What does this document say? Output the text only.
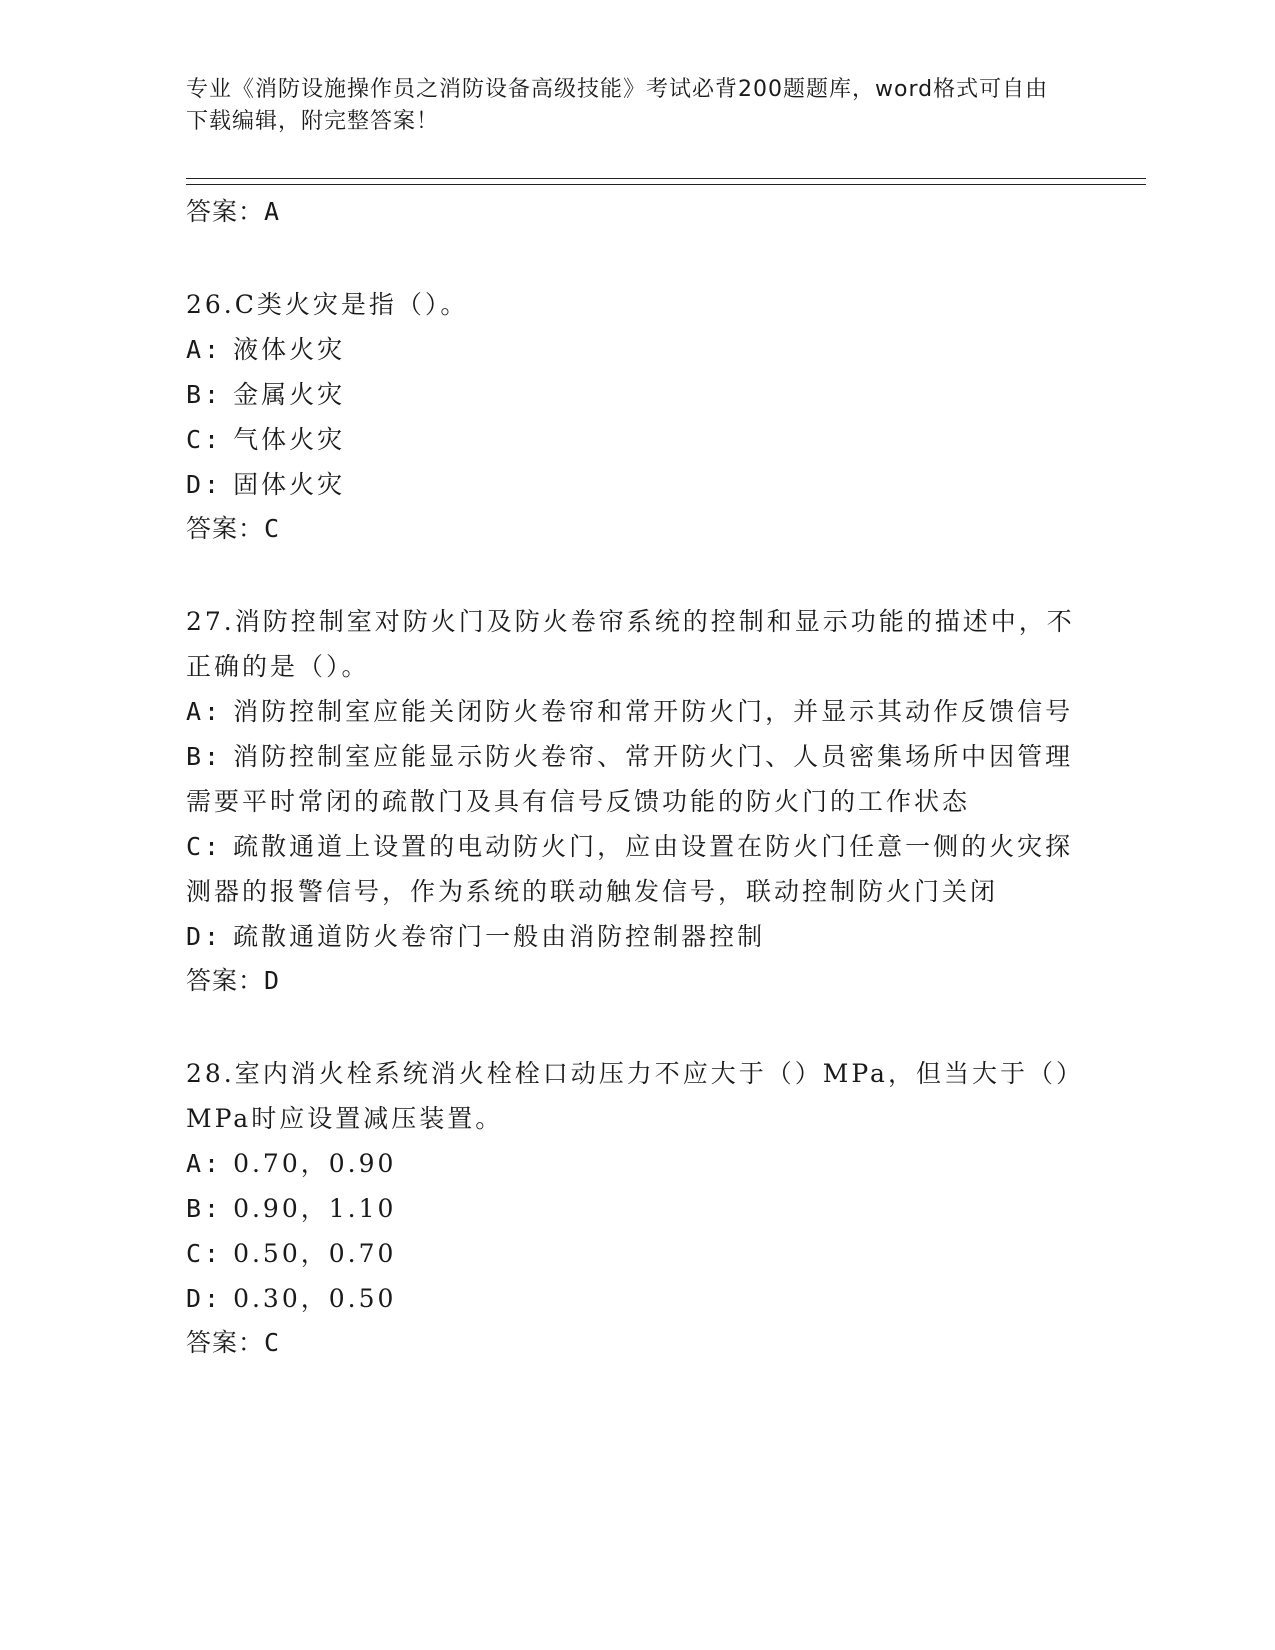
专业《消防设施操作员之消防设备高级技能》考试必背200题题库，word格式可自由下载编辑，附完整答案！
答案：A
26.C类火灾是指（）。
A: 液体火灾
B: 金属火灾
C: 气体火灾
D: 固体火灾
答案：C
27.消防控制室对防火门及防火卷帘系统的控制和显示功能的描述中，不正确的是（）。
A: 消防控制室应能关闭防火卷帘和常开防火门，并显示其动作反馈信号
B: 消防控制室应能显示防火卷帘、常开防火门、人员密集场所中因管理需要平时常闭的疏散门及具有信号反馈功能的防火门的工作状态
C: 疏散通道上设置的电动防火门，应由设置在防火门任意一侧的火灾探测器的报警信号，作为系统的联动触发信号，联动控制防火门关闭
D: 疏散通道防火卷帘门一般由消防控制器控制
答案：D
28.室内消火栓系统消火栓栓口动压力不应大于（）MPa，但当大于（）MPa时应设置减压装置。
A: 0.70，0.90
B: 0.90，1.10
C: 0.50，0.70
D: 0.30，0.50
答案：C
